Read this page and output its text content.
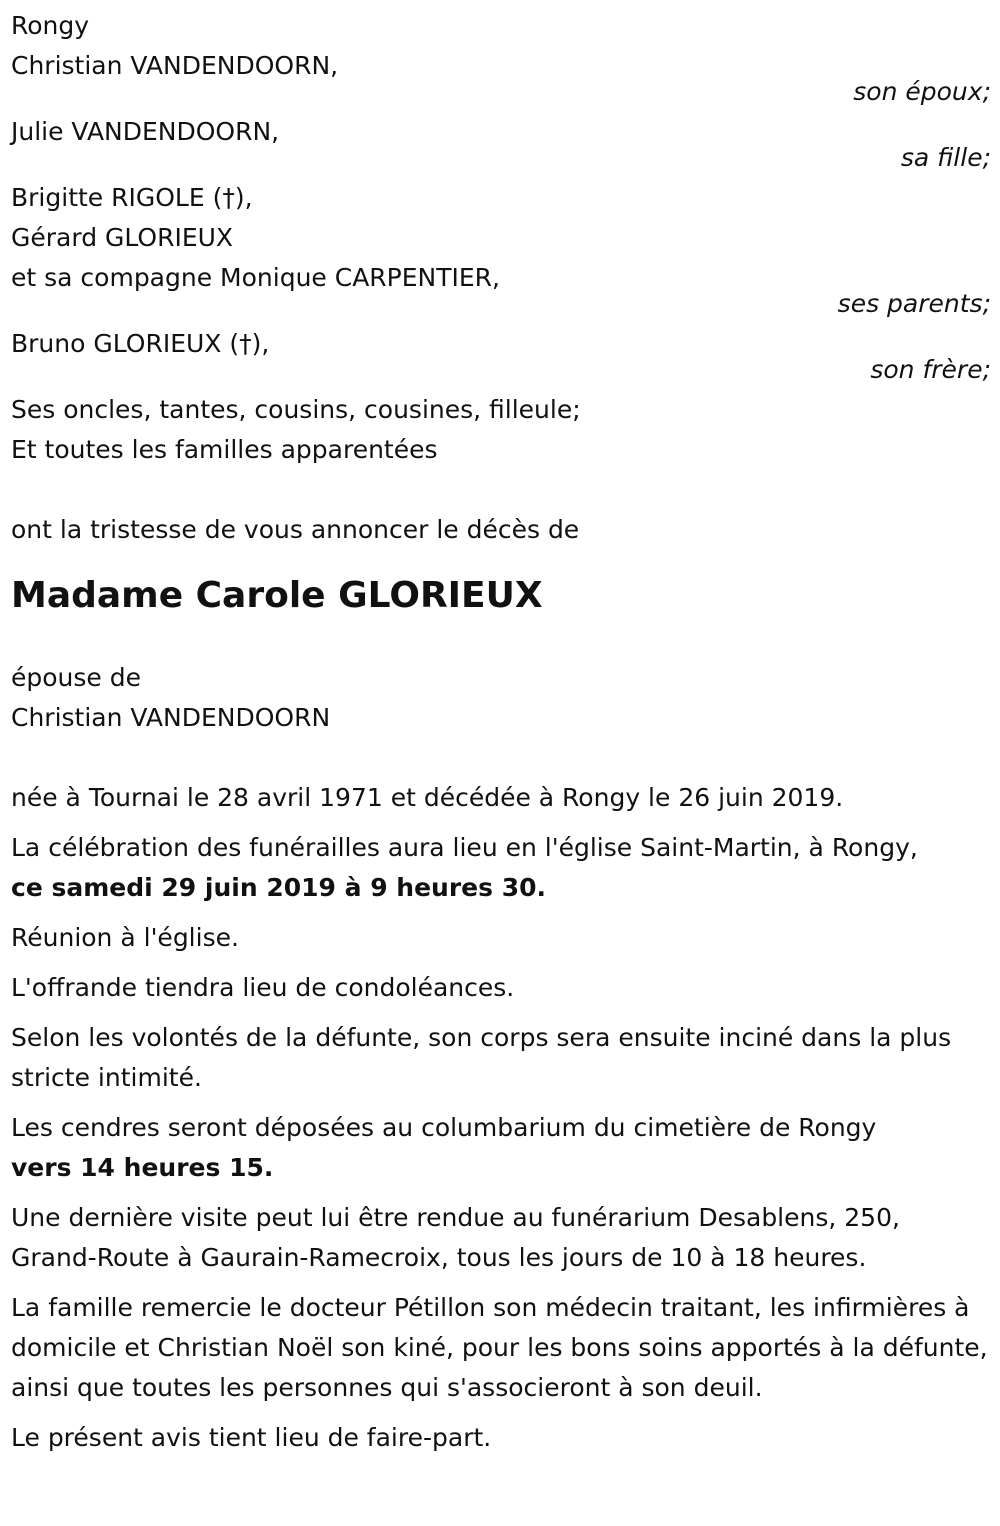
Rongy
Christian VANDENDOORN,
son époux;
Julie VANDENDOORN,
sa fille;
Brigitte RIGOLE (†),
Gérard GLORIEUX
et sa compagne Monique CARPENTIER,
ses parents;
Bruno GLORIEUX (†),
son frère;
Ses oncles, tantes, cousins, cousines, filleule;
Et toutes les familles apparentées
ont la tristesse de vous annoncer le décès de
Madame Carole GLORIEUX
épouse de
Christian VANDENDOORN
née à Tournai le 28 avril 1971 et décédée à Rongy le 26 juin 2019.
La célébration des funérailles aura lieu en l'église Saint-Martin, à Rongy,
ce samedi 29 juin 2019 à 9 heures 30.
Réunion à l'église.
L'offrande tiendra lieu de condoléances.
Selon les volontés de la défunte, son corps sera ensuite inciné dans la plus stricte intimité.
Les cendres seront déposées au columbarium du cimetière de Rongy
vers 14 heures 15.
Une dernière visite peut lui être rendue au funérarium Desablens, 250, Grand-Route à Gaurain-Ramecroix, tous les jours de 10 à 18 heures.
La famille remercie le docteur Pétillon son médecin traitant, les infirmières à domicile et Christian Noël son kiné, pour les bons soins apportés à la défunte, ainsi que toutes les personnes qui s'associeront à son deuil.
Le présent avis tient lieu de faire-part.
